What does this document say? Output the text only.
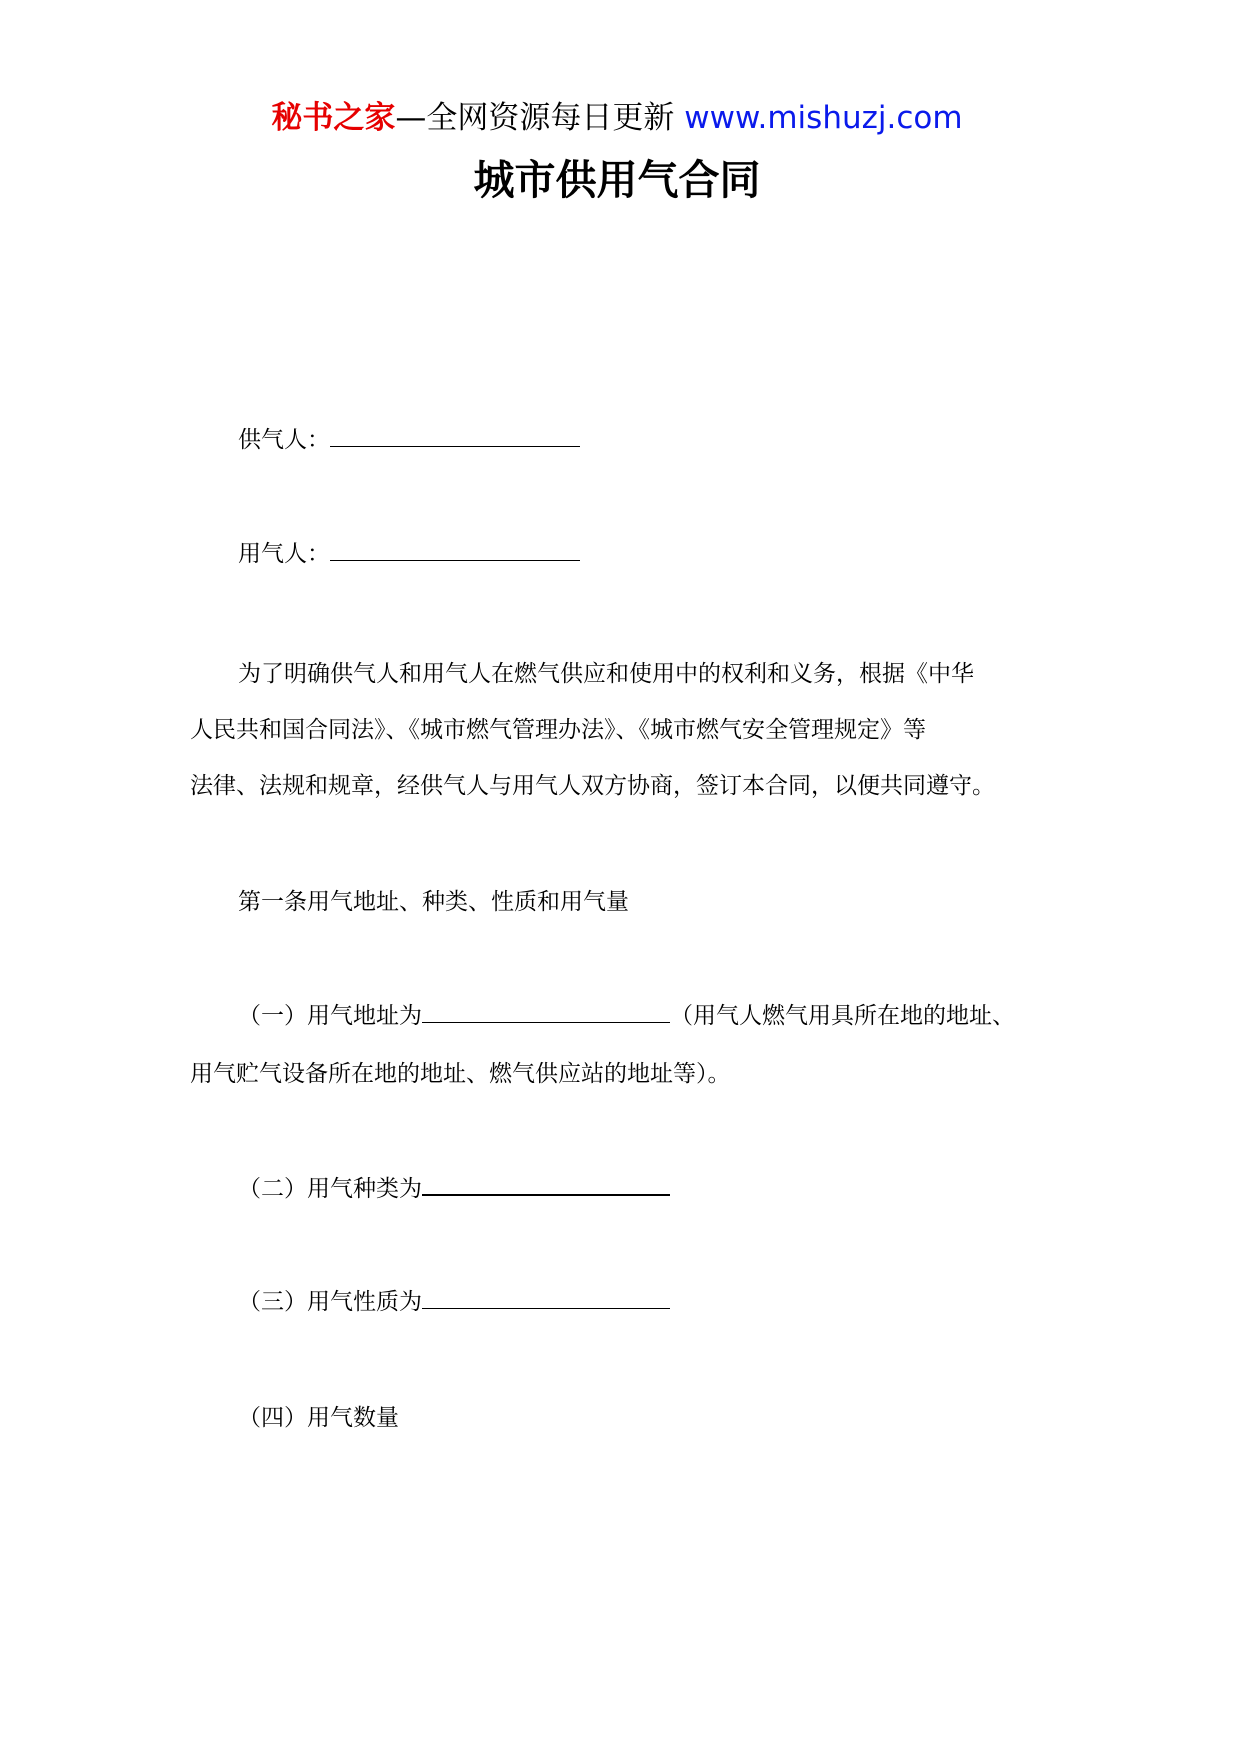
秘书之家—全网资源每日更新 www.mishuzj.com
城市供用气合同
供气人：
用气人：
为了明确供气人和用气人在燃气供应和使用中的权利和义务，根据《中华
人民共和国合同法》、《城市燃气管理办法》、《城市燃气安全管理规定》等
法律、法规和规章，经供气人与用气人双方协商，签订本合同，以便共同遵守。
第一条用气地址、种类、性质和用气量
（一）用气地址为	（用气人燃气用具所在地的地址、
用气贮气设备所在地的地址、燃气供应站的地址等）。
（二）用气种类为
（三）用气性质为
（四）用气数量
